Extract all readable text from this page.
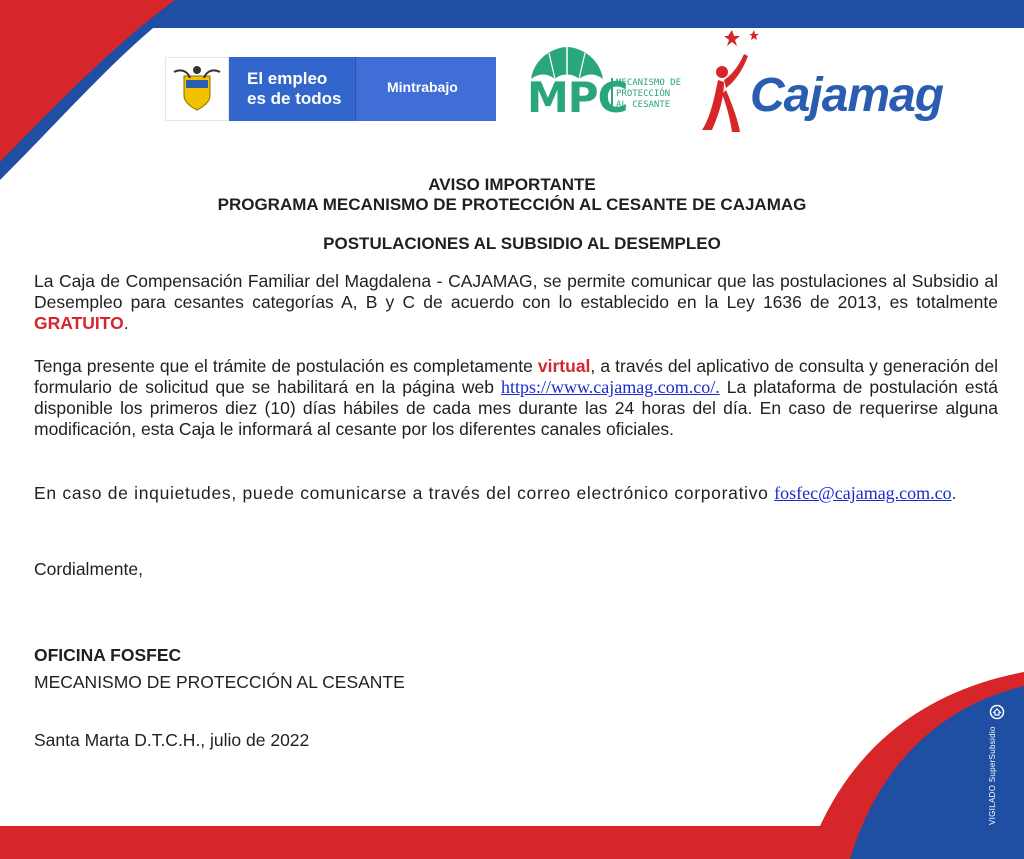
El empleo
es de todos
Mintrabajo MPC
MECANISMO DE
PROTECCIÓN
AL CESANTE	Cajamag
AVISO IMPORTANTE
PROGRAMA MECANISMO DE PROTECCIÓN AL CESANTE DE CAJAMAG
POSTULACIONES AL SUBSIDIO AL DESEMPLEO
La Caja de Compensación Familiar del Magdalena - CAJAMAG, se permite comunicar que las postulaciones al Subsidio al Desempleo para cesantes categorías A, B y C de acuerdo con lo establecido en la Ley 1636 de 2013, es totalmente GRATUITO.
Tenga presente que el trámite de postulación es completamente virtual, a través del aplicativo de consulta y generación del formulario de solicitud que se habilitará en la página web https://www.cajamag.com.co/. La plataforma de postulación está disponible los primeros diez (10) días hábiles de cada mes durante las 24 horas del día. En caso de requerirse alguna modificación, esta Caja le informará al cesante por los diferentes canales oficiales.
En caso de inquietudes, puede comunicarse a través del correo electrónico corporativo fosfec@cajamag.com.co.
Cordialmente,
OFICINA FOSFEC
MECANISMO DE PROTECCIÓN AL CESANTE
Santa Marta D.T.C.H., julio de 2022	VIGILADO SuperSubsidio
